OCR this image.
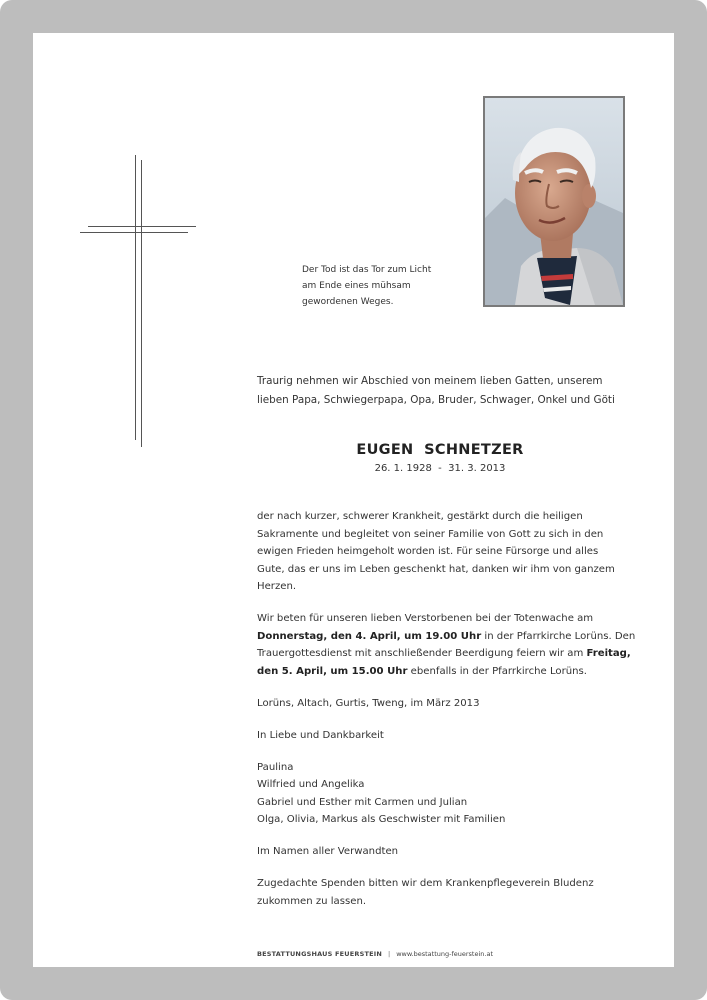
Der Tod ist das Tor zum Licht
am Ende eines mühsam
gewordenen Weges.
Traurig nehmen wir Abschied von meinem lieben Gatten, unserem
lieben Papa, Schwiegerpapa, Opa, Bruder, Schwager, Onkel und Göti
EUGEN  SCHNETZER
26. 1. 1928  -  31. 3. 2013
der nach kurzer, schwerer Krankheit, gestärkt durch die heiligen
Sakramente und begleitet von seiner Familie von Gott zu sich in den
ewigen Frieden heimgeholt worden ist. Für seine Fürsorge und alles
Gute, das er uns im Leben geschenkt hat, danken wir ihm von ganzem
Herzen.
Wir beten für unseren lieben Verstorbenen bei der Totenwache am
Donnerstag, den 4. April, um 19.00 Uhr in der Pfarrkirche Lorüns. Den
Trauergottesdienst mit anschließender Beerdigung feiern wir am Freitag,
den 5. April, um 15.00 Uhr ebenfalls in der Pfarrkirche Lorüns.
Lorüns, Altach, Gurtis, Tweng, im März 2013
In Liebe und Dankbarkeit
Paulina
Wilfried und Angelika
Gabriel und Esther mit Carmen und Julian
Olga, Olivia, Markus als Geschwister mit Familien
Im Namen aller Verwandten
Zugedachte Spenden bitten wir dem Krankenpflegeverein Bludenz
zukommen zu lassen.
BESTATTUNGSHAUS FEUERSTEIN | www.bestattung-feuerstein.at
